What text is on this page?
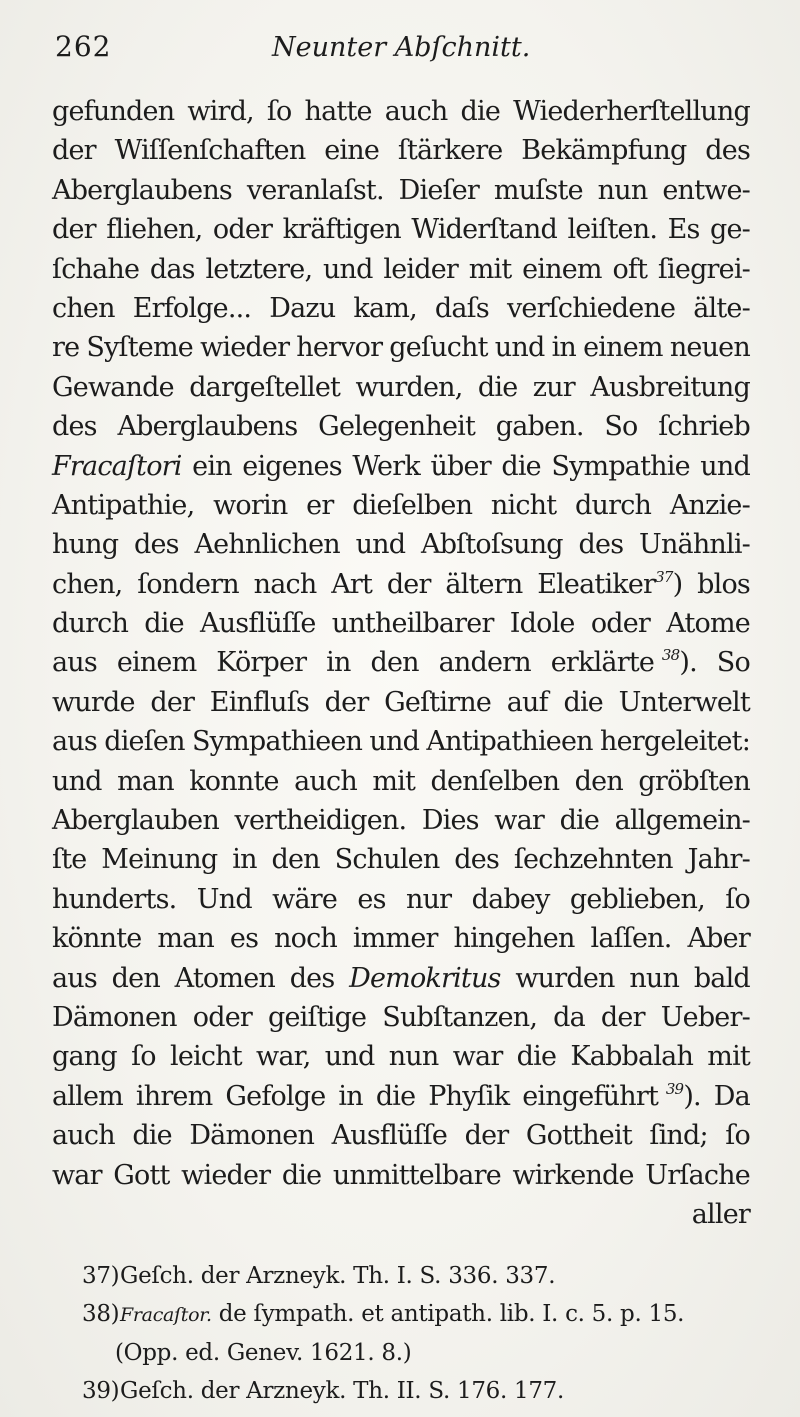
262	Neunter Abſchnitt.
gefunden wird, ſo hatte auch die Wiederherſtellung
der Wiſſenſchaften eine ſtärkere Bekämpfung des
Aberglaubens veranlaſst. Dieſer muſste nun entwe-
der fliehen, oder kräftigen Widerſtand leiſten. Es ge-
ſchahe das letztere, und leider mit einem oft ſiegrei-
chen Erfolge... Dazu kam, daſs verſchiedene älte-
re Syſteme wieder hervor geſucht und in einem neuen
Gewande dargeſtellet wurden, die zur Ausbreitung
des Aberglaubens Gelegenheit gaben. So ſchrieb
Fracaſtori ein eigenes Werk über die Sympathie und
Antipathie, worin er dieſelben nicht durch Anzie-
hung des Aehnlichen und Abſtoſsung des Unähnli-
chen, ſondern nach Art der ältern Eleatiker$^{37}$) blos
durch die Ausflüſſe untheilbarer Idole oder Atome
aus einem Körper in den andern erklärte $^{38}$). So
wurde der Einfluſs der Geſtirne auf die Unterwelt
aus dieſen Sympathieen und Antipathieen hergeleitet:
und man konnte auch mit denſelben den gröbſten
Aberglauben vertheidigen. Dies war die allgemein-
ſte Meinung in den Schulen des ſechzehnten Jahr-
hunderts. Und wäre es nur dabey geblieben, ſo
könnte man es noch immer hingehen laſſen. Aber
aus den Atomen des Demokritus wurden nun bald
Dämonen oder geiſtige Subſtanzen, da der Ueber-
gang ſo leicht war, und nun war die Kabbalah mit
allem ihrem Gefolge in die Phyſik eingeführt $^{39}$). Da
auch die Dämonen Ausflüſſe der Gottheit ſind; ſo
war Gott wieder die unmittelbare wirkende Urſache
aller
37)Geſch. der Arzneyk. Th. I. S. 336. 337.
38)Fracaſtor. de ſympath. et antipath. lib. I. c. 5. p. 15.
(Opp. ed. Genev. 1621. 8.)
39)Geſch. der Arzneyk. Th. II. S. 176. 177.
